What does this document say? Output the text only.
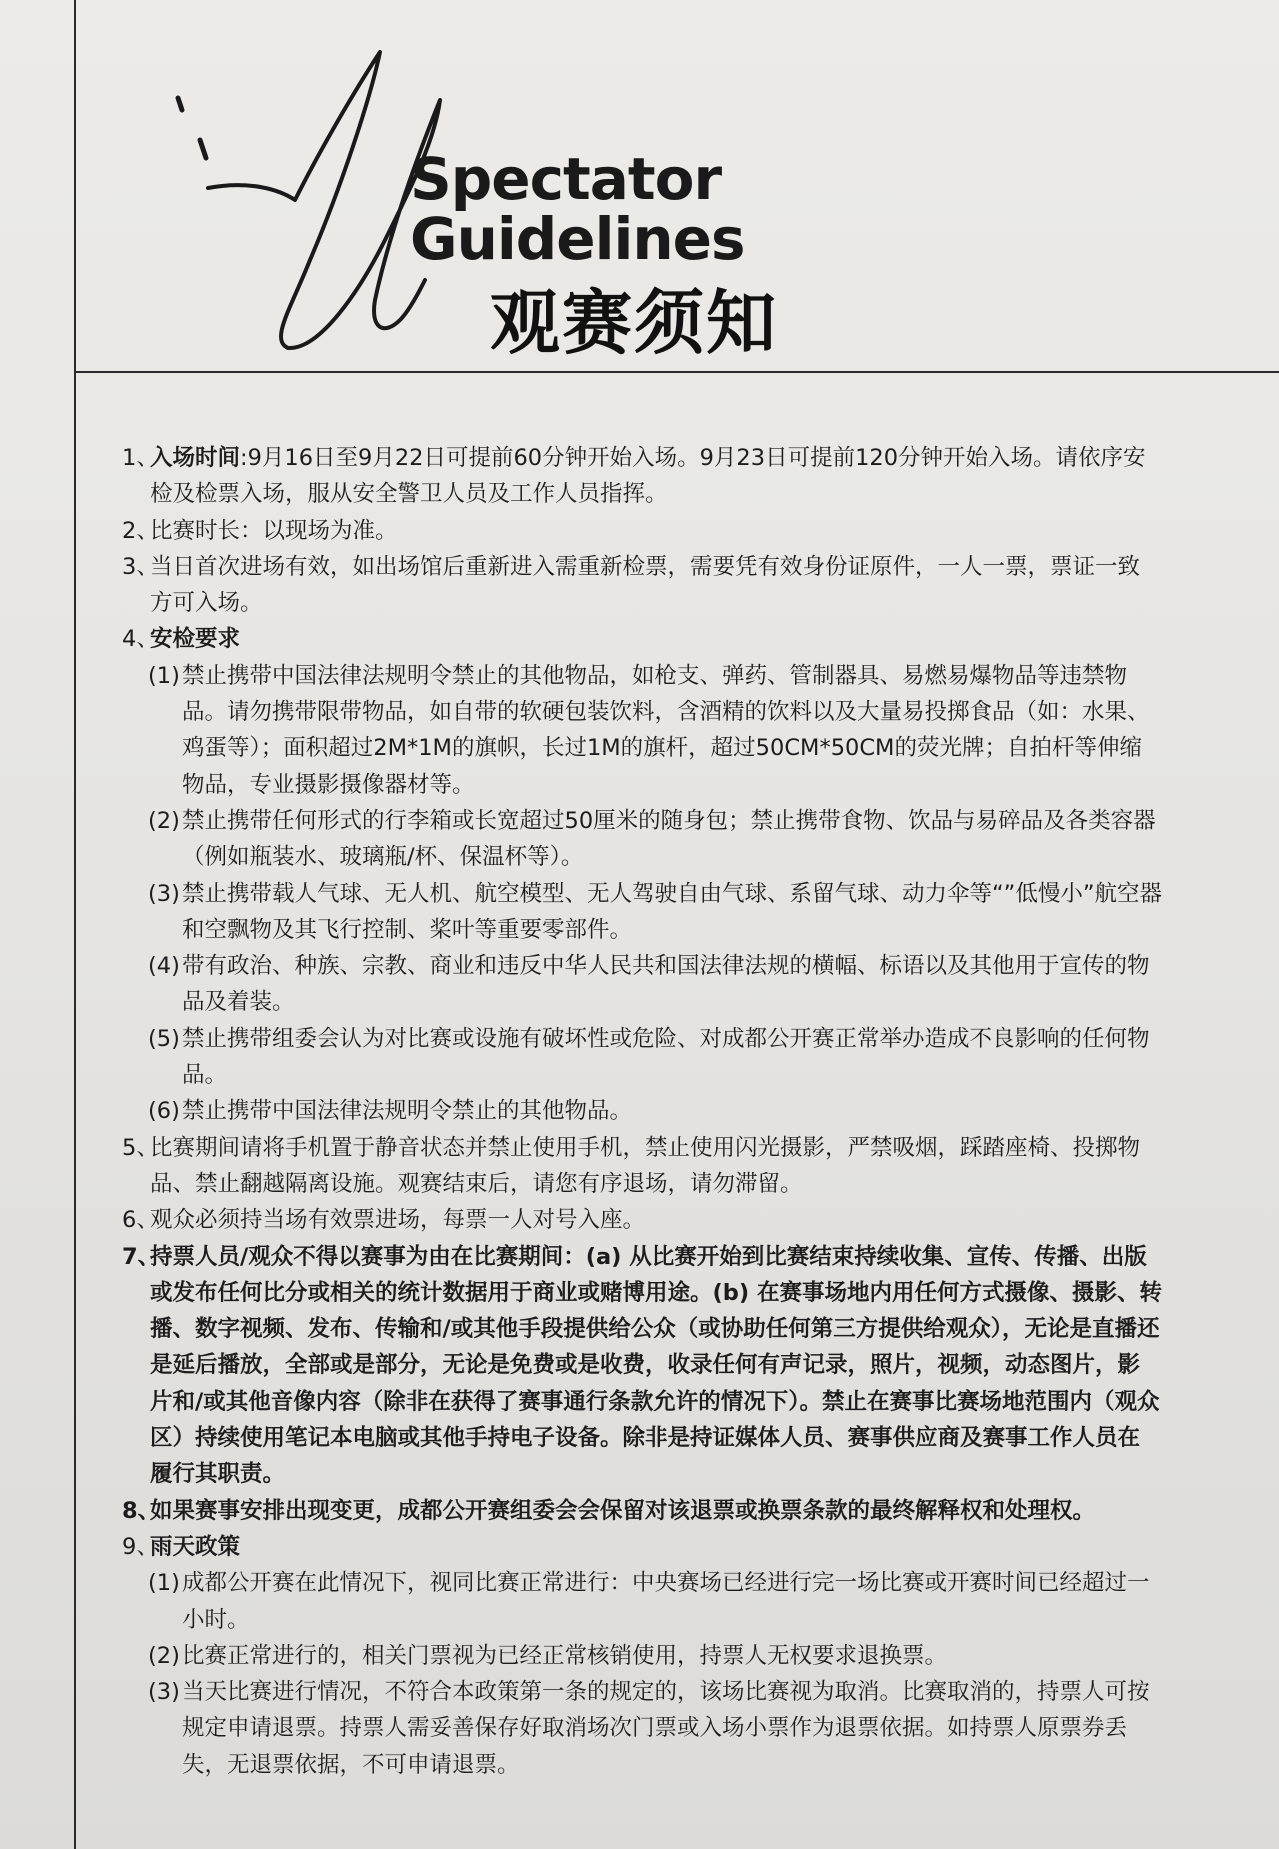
Spectator
Guidelines
观赛须知
1、
入场时间:9月16日至9月22日可提前60分钟开始入场。9月23日可提前120分钟开始入场。请依序安检及检票入场，服从安全警卫人员及工作人员指挥。
2、
比赛时长：以现场为准。
3、
当日首次进场有效，如出场馆后重新进入需重新检票，需要凭有效身份证原件，一人一票，票证一致方可入场。
4、
安检要求
(1) 禁止携带中国法律法规明令禁止的其他物品，如枪支、弹药、管制器具、易燃易爆物品等违禁物品。请勿携带限带物品，如自带的软硬包装饮料，含酒精的饮料以及大量易投掷食品（如：水果、鸡蛋等）；面积超过2M*1M的旗帜，长过1M的旗杆，超过50CM*50CM的荧光牌；自拍杆等伸缩物品，专业摄影摄像器材等。
(2) 禁止携带任何形式的行李箱或长宽超过50厘米的随身包；禁止携带食物、饮品与易碎品及各类容器（例如瓶装水、玻璃瓶/杯、保温杯等）。
(3) 禁止携带载人气球、无人机、航空模型、无人驾驶自由气球、系留气球、动力伞等“”低慢小”航空器和空飘物及其飞行控制、桨叶等重要零部件。
(4) 带有政治、种族、宗教、商业和违反中华人民共和国法律法规的横幅、标语以及其他用于宣传的物品及着装。
(5) 禁止携带组委会认为对比赛或设施有破坏性或危险、对成都公开赛正常举办造成不良影响的任何物品。
(6) 禁止携带中国法律法规明令禁止的其他物品。
5、
比赛期间请将手机置于静音状态并禁止使用手机，禁止使用闪光摄影，严禁吸烟，踩踏座椅、投掷物品、禁止翻越隔离设施。观赛结束后，请您有序退场，请勿滞留。
6、
观众必须持当场有效票进场，每票一人对号入座。
7、
持票人员/观众不得以赛事为由在比赛期间：(a) 从比赛开始到比赛结束持续收集、宣传、传播、出版或发布任何比分或相关的统计数据用于商业或赌博用途。(b) 在赛事场地内用任何方式摄像、摄影、转播、数字视频、发布、传输和/或其他手段提供给公众（或协助任何第三方提供给观众），无论是直播还是延后播放，全部或是部分，无论是免费或是收费，收录任何有声记录，照片，视频，动态图片，影片和/或其他音像内容（除非在获得了赛事通行条款允许的情况下）。禁止在赛事比赛场地范围内（观众区）持续使用笔记本电脑或其他手持电子设备。除非是持证媒体人员、赛事供应商及赛事工作人员在履行其职责。
8、
如果赛事安排出现变更，成都公开赛组委会会保留对该退票或换票条款的最终解释权和处理权。
9、
雨天政策
(1) 成都公开赛在此情况下，视同比赛正常进行：中央赛场已经进行完一场比赛或开赛时间已经超过一小时。
(2) 比赛正常进行的，相关门票视为已经正常核销使用，持票人无权要求退换票。
(3) 当天比赛进行情况，不符合本政策第一条的规定的，该场比赛视为取消。比赛取消的，持票人可按规定申请退票。持票人需妥善保存好取消场次门票或入场小票作为退票依据。如持票人原票券丢失，无退票依据，不可申请退票。
